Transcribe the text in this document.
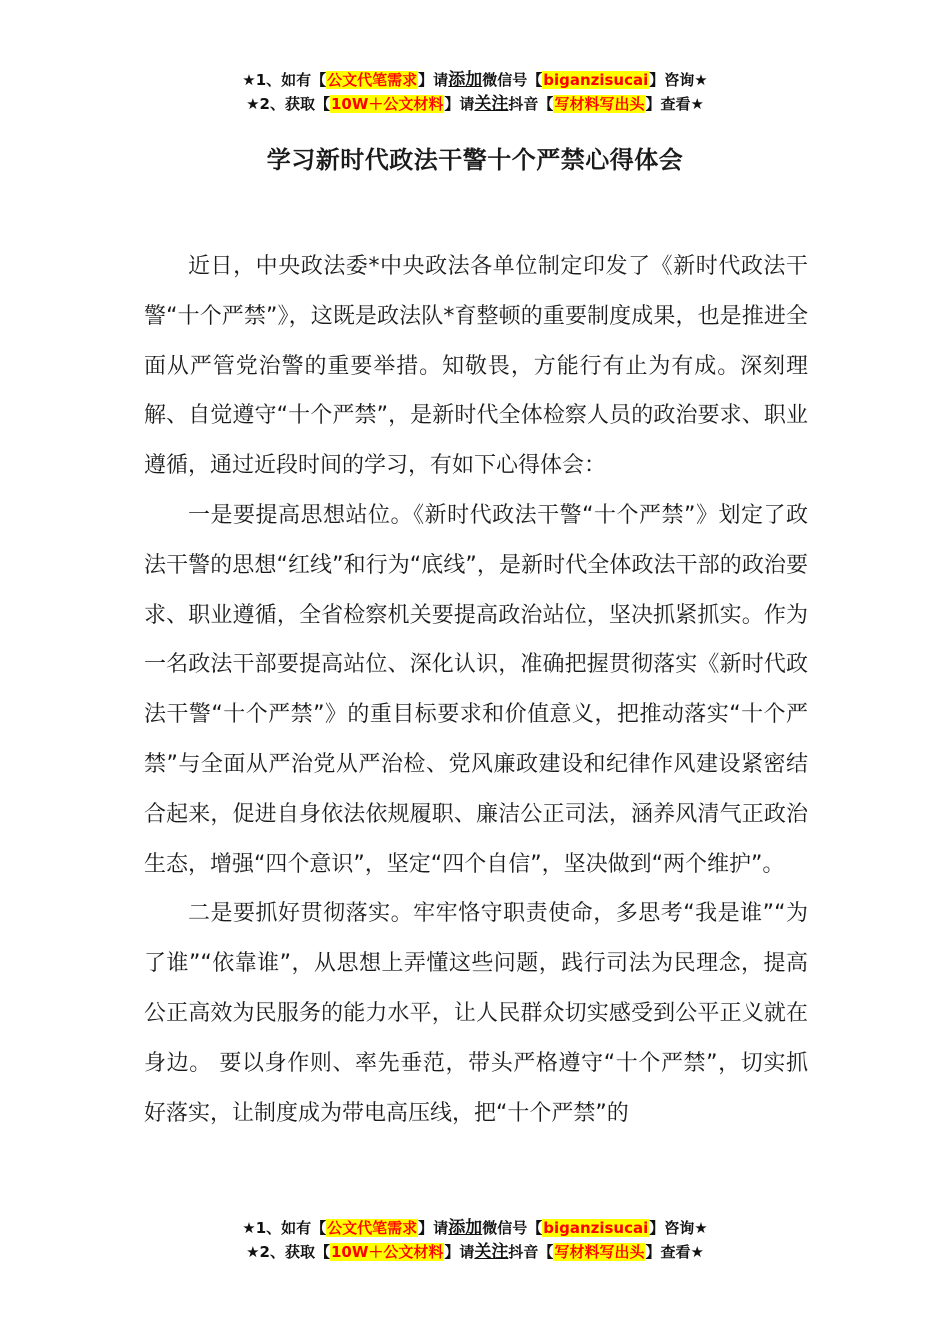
★1、如有【公文代笔需求】请添加微信号【biganzisucai】咨询★
★2、获取【10W＋公文材料】请关注抖音【写材料写出头】查看★
学习新时代政法干警十个严禁心得体会

近日，中央政法委*中央政法各单位制定印发了《新时代政法干警“十个严禁”》，这既是政法队*育整顿的重要制度成果，也是推进全面从严管党治警的重要举措。知敬畏，方能行有止为有成。深刻理解、自觉遵守“十个严禁”，是新时代全体检察人员的政治要求、职业遵循，通过近段时间的学习，有如下心得体会：

一是要提高思想站位。《新时代政法干警“十个严禁”》划定了政法干警的思想“红线”和行为“底线”，是新时代全体政法干部的政治要求、职业遵循，全省检察机关要提高政治站位，坚决抓紧抓实。作为一名政法干部要提高站位、深化认识，准确把握贯彻落实《新时代政法干警“十个严禁”》的重目标要求和价值意义，把推动落实“十个严禁”与全面从严治党从严治检、党风廉政建设和纪律作风建设紧密结合起来，促进自身依法依规履职、廉洁公正司法，涵养风清气正政治生态，增强“四个意识”，坚定“四个自信”，坚决做到“两个维护”。

二是要抓好贯彻落实。牢牢恪守职责使命，多思考“我是谁”“为了谁”“依靠谁”，从思想上弄懂这些问题，践行司法为民理念，提高公正高效为民服务的能力水平，让人民群众切实感受到公平正义就在身边。 要以身作则、率先垂范，带头严格遵守“十个严禁”，切实抓好落实，让制度成为带电高压线，把“十个严禁”的

★1、如有【公文代笔需求】请添加微信号【biganzisucai】咨询★
★2、获取【10W＋公文材料】请关注抖音【写材料写出头】查看★
